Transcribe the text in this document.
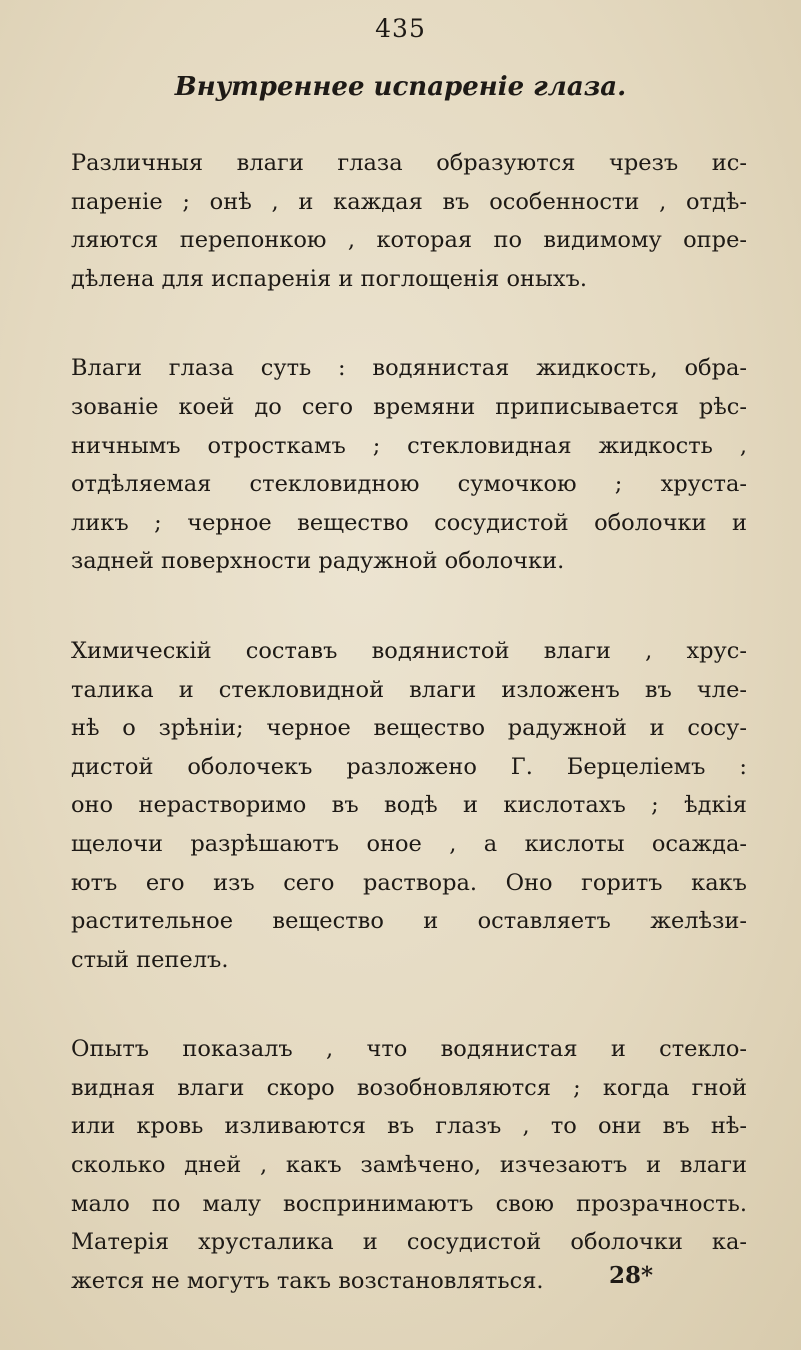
435
Внутреннее испареніе глаза.
Различныя влаги глаза образуются чрезъ ис-
пареніе ; онѣ , и каждая въ особенности , отдѣ-
ляются перепонкою , которая по видимому опре-
дѣлена для испаренія и поглощенія оныхъ.
Влаги глаза суть : водянистая жидкость, обра-
зованіе коей до сего времяни приписывается рѣс-
ничнымъ отросткамъ ; стекловидная жидкость ,
отдѣляемая стекловидною сумочкою ; хруста-
ликъ ; черное вещество сосудистой оболочки и
задней поверхности радужной оболочки.
Химическій составъ водянистой влаги , хрус-
талика и стекловидной влаги изложенъ въ чле-
нѣ о зрѣніи; черное вещество радужной и сосу-
дистой оболочекъ разложено Г. Берцеліемъ :
оно нерастворимо въ водѣ и кислотахъ ; ѣдкія
щелочи разрѣшаютъ оное , а кислоты осажда-
ютъ его изъ сего раствора. Оно горитъ какъ
растительное вещество и оставляетъ желѣзи-
стый пепелъ.
Опытъ показалъ , что водянистая и стекло-
видная влаги скоро возобновляются ; когда гной
или кровь изливаются въ глазъ , то они въ нѣ-
сколько дней , какъ замѣчено, изчезаютъ и влаги
мало по малу воспринимаютъ свою прозрачность.
Матерія хрусталика и сосудистой оболочки ка-
жется не могутъ такъ возстановляться.	28*
